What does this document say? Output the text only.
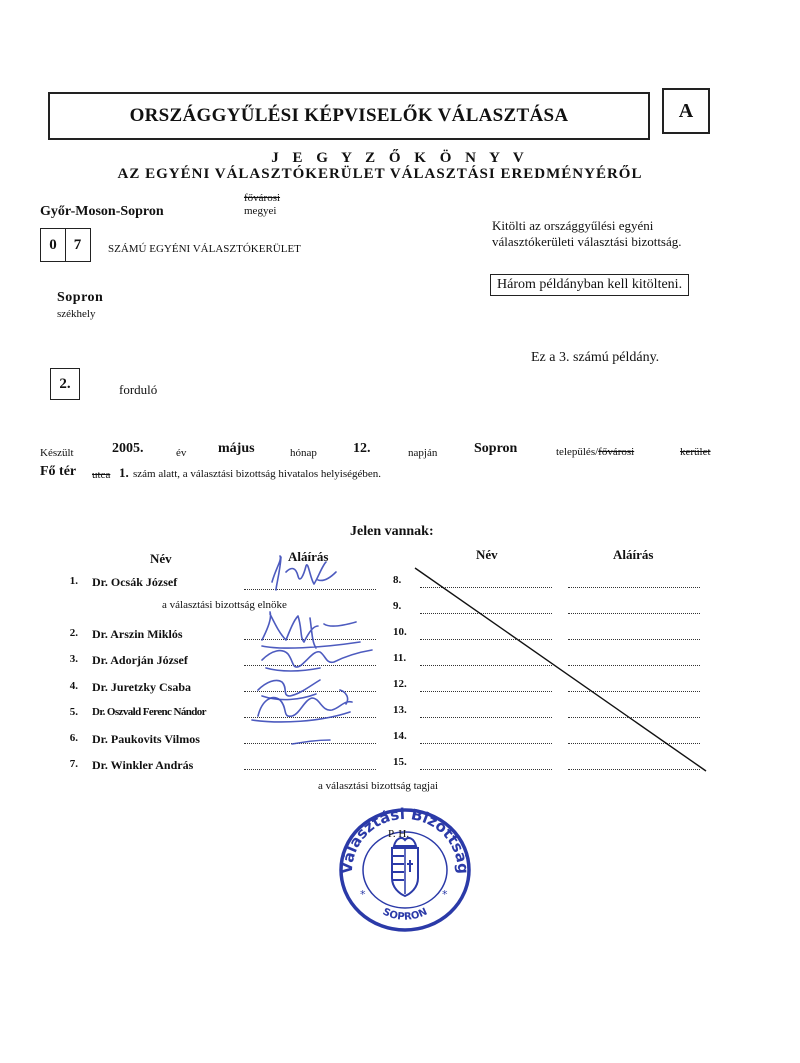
ORSZÁGGYŰLÉSI KÉPVISELŐK VÁLASZTÁSA	A
J E G Y Z Ő K Ö N Y V
AZ EGYÉNI VÁLASZTÓKERÜLET VÁLASZTÁSI EREDMÉNYÉRŐL
Győr-Moson-Sopron
fővárosi
megyei
0	7	SZÁMÚ EGYÉNI VÁLASZTÓKERÜLET
Kitölti az országgyűlési egyéni
választókerületi választási bizottság.
Három példányban kell kitölteni.
Sopron
székhely
Ez a 3. számú példány.
2.	forduló
Készült	2005.	év május	hónap	12.	napján	Sopron	település/fővárosi	kerület
Fő tér utca 1. szám alatt, a választási bizottság hivatalos helyiségében.
Jelen vannak:
Név	Aláírás	Név	Aláírás
1. Dr. Ocsák József
a választási bizottság elnöke
2. Dr. Arszin Miklós
3. Dr. Adorján József
4. Dr. Juretzky Csaba
5. Dr. Oszvald Ferenc Nándor
6. Dr. Paukovits Vilmos
7. Dr. Winkler András
8.
9.
10.
11.
12.
13.
14.
15.
a választási bizottság tagjai
Választási Bizottság
SOPRON
*	*
P. H.
